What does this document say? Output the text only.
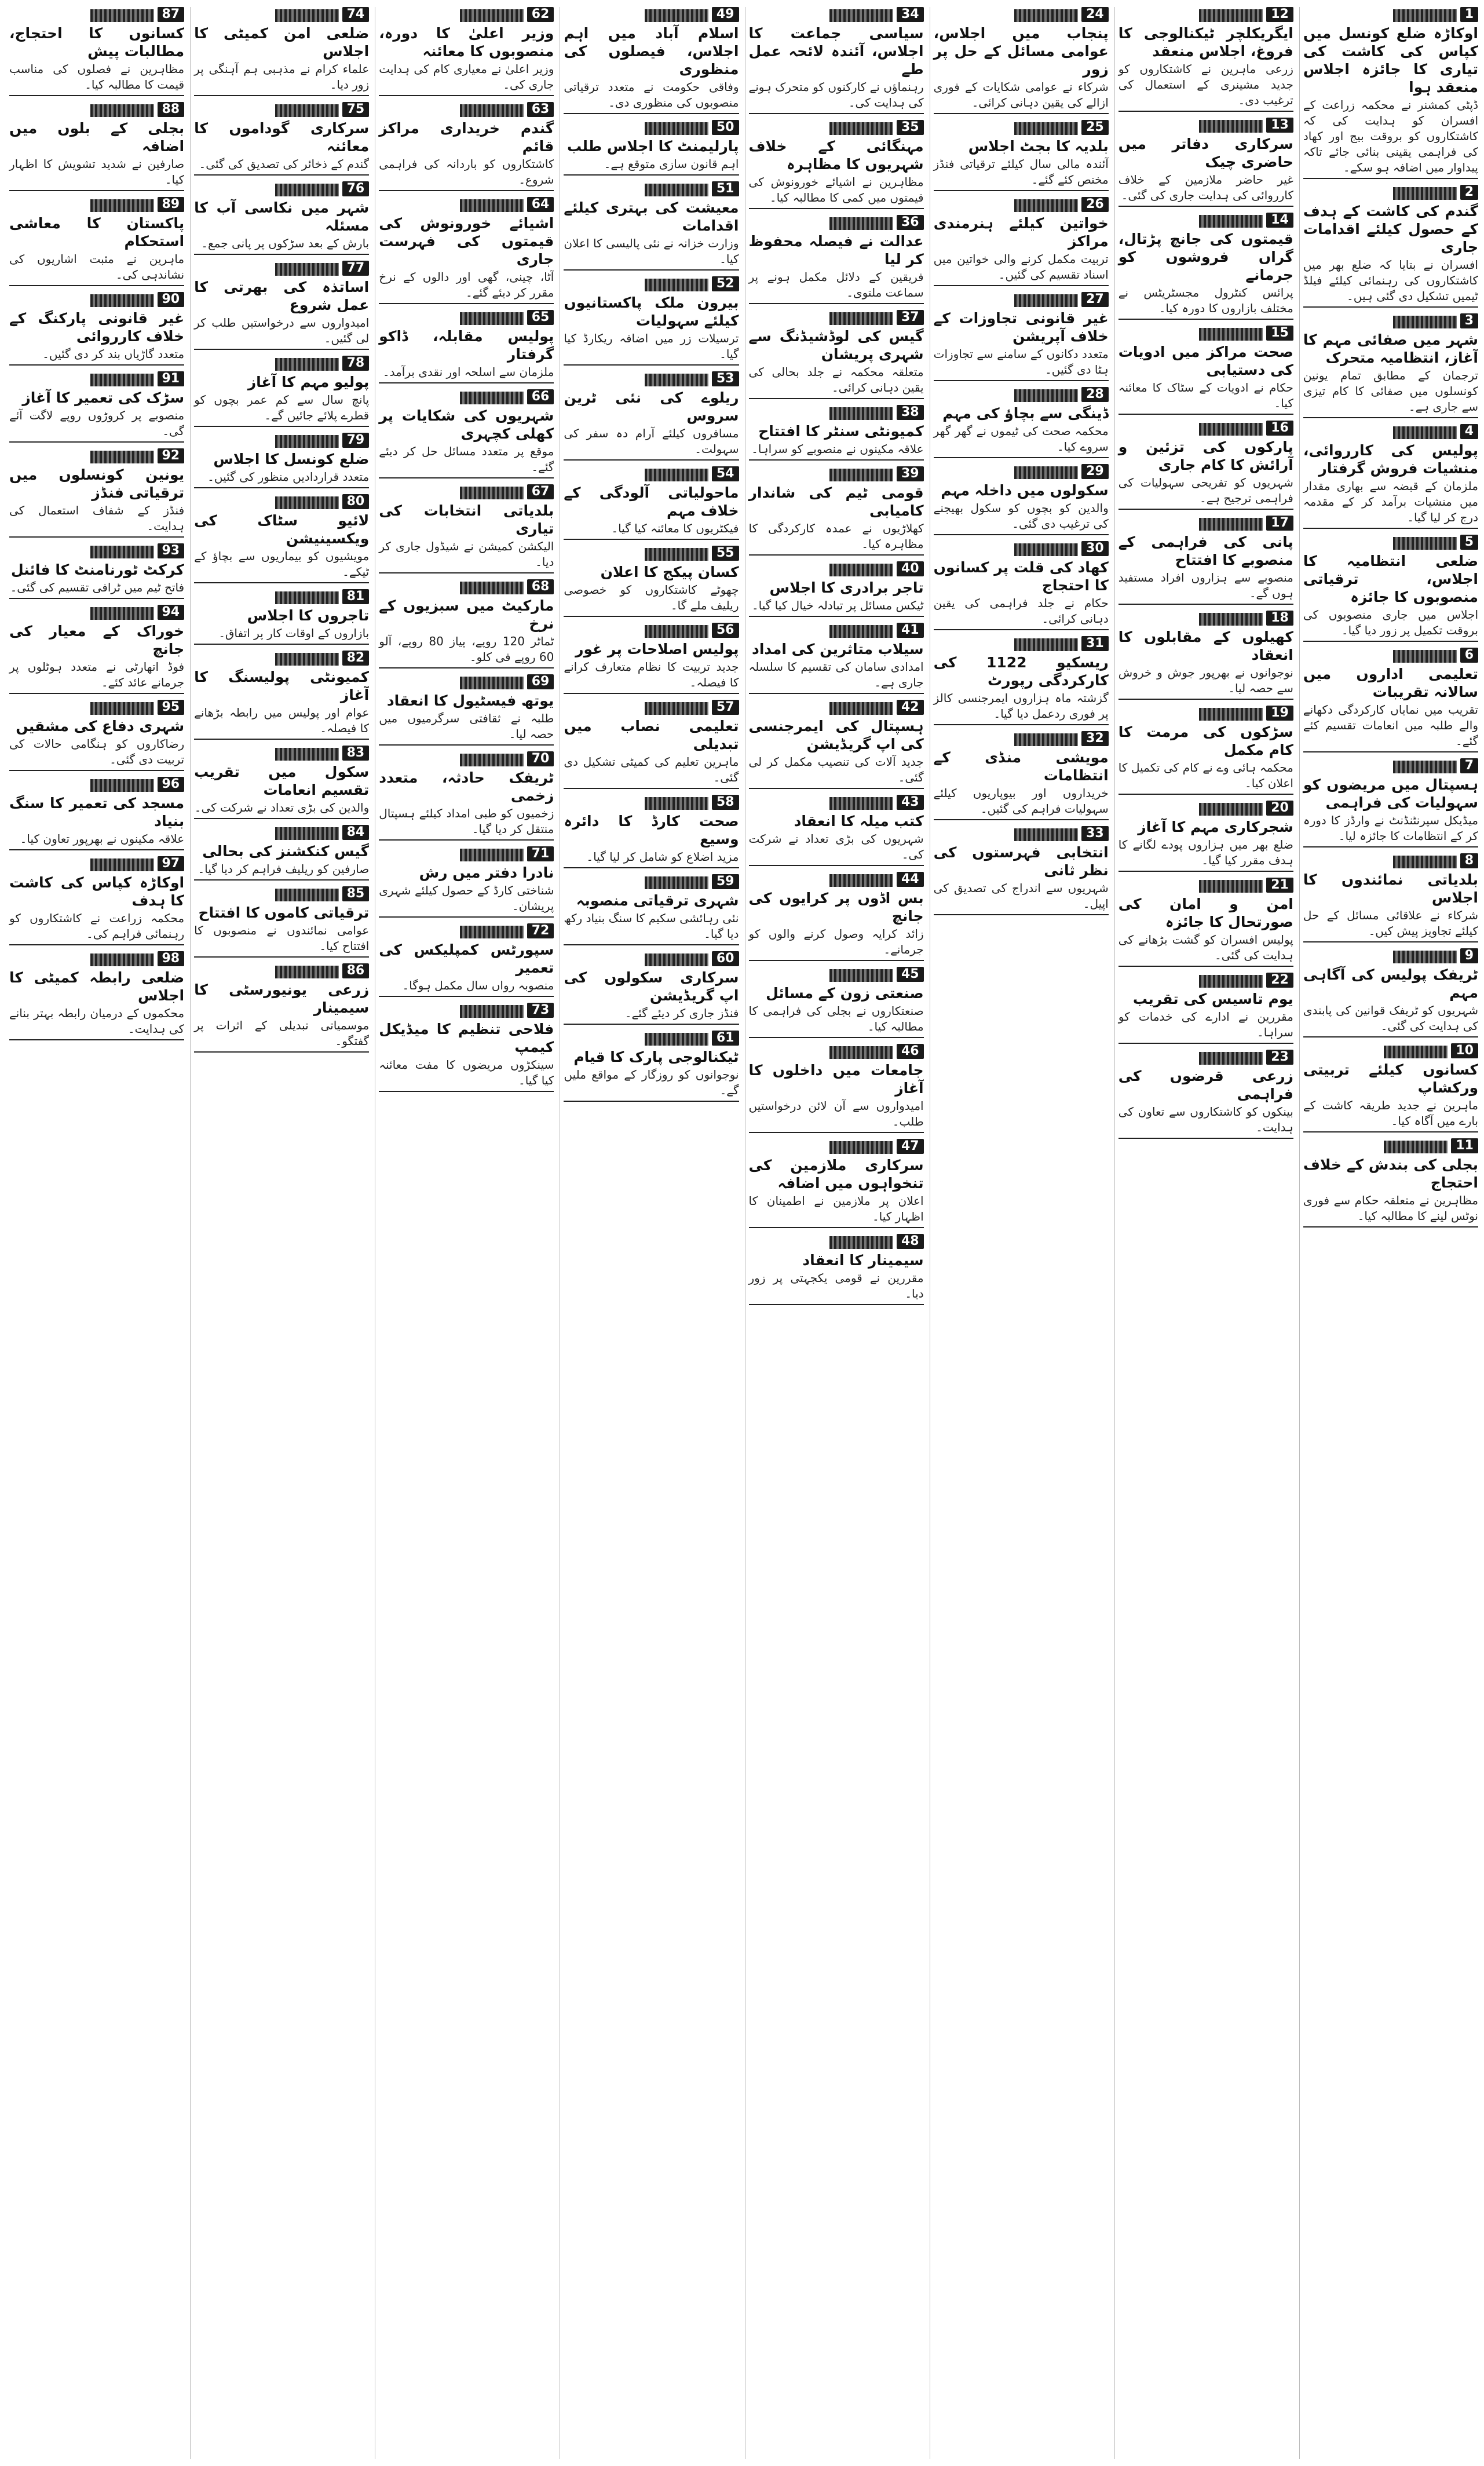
1
اوکاڑہ ضلع کونسل میں کپاس کی کاشت کی تیاری کا جائزہ اجلاس منعقد ہوا
ڈپٹی کمشنر نے محکمہ زراعت کے افسران کو ہدایت کی کہ کاشتکاروں کو بروقت بیج اور کھاد کی فراہمی یقینی بنائی جائے تاکہ پیداوار میں اضافہ ہو سکے۔
2
گندم کی کاشت کے ہدف کے حصول کیلئے اقدامات جاری
افسران نے بتایا کہ ضلع بھر میں کاشتکاروں کی رہنمائی کیلئے فیلڈ ٹیمیں تشکیل دی گئی ہیں۔
3
شہر میں صفائی مہم کا آغاز، انتظامیہ متحرک
ترجمان کے مطابق تمام یونین کونسلوں میں صفائی کا کام تیزی سے جاری ہے۔
4
پولیس کی کارروائی، منشیات فروش گرفتار
ملزمان کے قبضہ سے بھاری مقدار میں منشیات برآمد کر کے مقدمہ درج کر لیا گیا۔
5
ضلعی انتظامیہ کا اجلاس، ترقیاتی منصوبوں کا جائزہ
اجلاس میں جاری منصوبوں کی بروقت تکمیل پر زور دیا گیا۔
6
تعلیمی اداروں میں سالانہ تقریبات
تقریب میں نمایاں کارکردگی دکھانے والے طلبہ میں انعامات تقسیم کئے گئے۔
7
ہسپتال میں مریضوں کو سہولیات کی فراہمی
میڈیکل سپرنٹنڈنٹ نے وارڈز کا دورہ کر کے انتظامات کا جائزہ لیا۔
8
بلدیاتی نمائندوں کا اجلاس
شرکاء نے علاقائی مسائل کے حل کیلئے تجاویز پیش کیں۔
9
ٹریفک پولیس کی آگاہی مہم
شہریوں کو ٹریفک قوانین کی پابندی کی ہدایت کی گئی۔
10
کسانوں کیلئے تربیتی ورکشاپ
ماہرین نے جدید طریقہ کاشت کے بارے میں آگاہ کیا۔
11
بجلی کی بندش کے خلاف احتجاج
مظاہرین نے متعلقہ حکام سے فوری نوٹس لینے کا مطالبہ کیا۔
12
ایگریکلچر ٹیکنالوجی کا فروغ، اجلاس منعقد
زرعی ماہرین نے کاشتکاروں کو جدید مشینری کے استعمال کی ترغیب دی۔
13
سرکاری دفاتر میں حاضری چیک
غیر حاضر ملازمین کے خلاف کارروائی کی ہدایت جاری کی گئی۔
14
قیمتوں کی جانچ پڑتال، گراں فروشوں کو جرمانے
پرائس کنٹرول مجسٹریٹس نے مختلف بازاروں کا دورہ کیا۔
15
صحت مراکز میں ادویات کی دستیابی
حکام نے ادویات کے سٹاک کا معائنہ کیا۔
16
پارکوں کی تزئین و آرائش کا کام جاری
شہریوں کو تفریحی سہولیات کی فراہمی ترجیح ہے۔
17
پانی کی فراہمی کے منصوبے کا افتتاح
منصوبے سے ہزاروں افراد مستفید ہوں گے۔
18
کھیلوں کے مقابلوں کا انعقاد
نوجوانوں نے بھرپور جوش و خروش سے حصہ لیا۔
19
سڑکوں کی مرمت کا کام مکمل
محکمہ ہائی وے نے کام کی تکمیل کا اعلان کیا۔
20
شجرکاری مہم کا آغاز
ضلع بھر میں ہزاروں پودے لگانے کا ہدف مقرر کیا گیا۔
21
امن و امان کی صورتحال کا جائزہ
پولیس افسران کو گشت بڑھانے کی ہدایت کی گئی۔
22
یوم تاسیس کی تقریب
مقررین نے ادارے کی خدمات کو سراہا۔
23
زرعی قرضوں کی فراہمی
بینکوں کو کاشتکاروں سے تعاون کی ہدایت۔
24
پنجاب میں اجلاس، عوامی مسائل کے حل پر زور
شرکاء نے عوامی شکایات کے فوری ازالے کی یقین دہانی کرائی۔
25
بلدیہ کا بجٹ اجلاس
آئندہ مالی سال کیلئے ترقیاتی فنڈز مختص کئے گئے۔
26
خواتین کیلئے ہنرمندی مراکز
تربیت مکمل کرنے والی خواتین میں اسناد تقسیم کی گئیں۔
27
غیر قانونی تجاوزات کے خلاف آپریشن
متعدد دکانوں کے سامنے سے تجاوزات ہٹا دی گئیں۔
28
ڈینگی سے بچاؤ کی مہم
محکمہ صحت کی ٹیموں نے گھر گھر سروے کیا۔
29
سکولوں میں داخلہ مہم
والدین کو بچوں کو سکول بھیجنے کی ترغیب دی گئی۔
30
کھاد کی قلت پر کسانوں کا احتجاج
حکام نے جلد فراہمی کی یقین دہانی کرائی۔
31
ریسکیو 1122 کی کارکردگی رپورٹ
گزشتہ ماہ ہزاروں ایمرجنسی کالز پر فوری ردعمل دیا گیا۔
32
مویشی منڈی کے انتظامات
خریداروں اور بیوپاریوں کیلئے سہولیات فراہم کی گئیں۔
33
انتخابی فہرستوں کی نظر ثانی
شہریوں سے اندراج کی تصدیق کی اپیل۔
34
سیاسی جماعت کا اجلاس، آئندہ لائحہ عمل طے
رہنماؤں نے کارکنوں کو متحرک ہونے کی ہدایت کی۔
35
مہنگائی کے خلاف شہریوں کا مظاہرہ
مظاہرین نے اشیائے خورونوش کی قیمتوں میں کمی کا مطالبہ کیا۔
36
عدالت نے فیصلہ محفوظ کر لیا
فریقین کے دلائل مکمل ہونے پر سماعت ملتوی۔
37
گیس کی لوڈشیڈنگ سے شہری پریشان
متعلقہ محکمہ نے جلد بحالی کی یقین دہانی کرائی۔
38
کمیونٹی سنٹر کا افتتاح
علاقہ مکینوں نے منصوبے کو سراہا۔
39
قومی ٹیم کی شاندار کامیابی
کھلاڑیوں نے عمدہ کارکردگی کا مظاہرہ کیا۔
40
تاجر برادری کا اجلاس
ٹیکس مسائل پر تبادلہ خیال کیا گیا۔
41
سیلاب متاثرین کی امداد
امدادی سامان کی تقسیم کا سلسلہ جاری ہے۔
42
ہسپتال کی ایمرجنسی کی اپ گریڈیشن
جدید آلات کی تنصیب مکمل کر لی گئی۔
43
کتب میلہ کا انعقاد
شہریوں کی بڑی تعداد نے شرکت کی۔
44
بس اڈوں پر کرایوں کی جانچ
زائد کرایہ وصول کرنے والوں کو جرمانے۔
45
صنعتی زون کے مسائل
صنعتکاروں نے بجلی کی فراہمی کا مطالبہ کیا۔
46
جامعات میں داخلوں کا آغاز
امیدواروں سے آن لائن درخواستیں طلب۔
47
سرکاری ملازمین کی تنخواہوں میں اضافہ
اعلان پر ملازمین نے اطمینان کا اظہار کیا۔
48
سیمینار کا انعقاد
مقررین نے قومی یکجہتی پر زور دیا۔
49
اسلام آباد میں اہم اجلاس، فیصلوں کی منظوری
وفاقی حکومت نے متعدد ترقیاتی منصوبوں کی منظوری دی۔
50
پارلیمنٹ کا اجلاس طلب
اہم قانون سازی متوقع ہے۔
51
معیشت کی بہتری کیلئے اقدامات
وزارت خزانہ نے نئی پالیسی کا اعلان کیا۔
52
بیرون ملک پاکستانیوں کیلئے سہولیات
ترسیلات زر میں اضافہ ریکارڈ کیا گیا۔
53
ریلوے کی نئی ٹرین سروس
مسافروں کیلئے آرام دہ سفر کی سہولت۔
54
ماحولیاتی آلودگی کے خلاف مہم
فیکٹریوں کا معائنہ کیا گیا۔
55
کسان پیکج کا اعلان
چھوٹے کاشتکاروں کو خصوصی ریلیف ملے گا۔
56
پولیس اصلاحات پر غور
جدید تربیت کا نظام متعارف کرانے کا فیصلہ۔
57
تعلیمی نصاب میں تبدیلی
ماہرین تعلیم کی کمیٹی تشکیل دی گئی۔
58
صحت کارڈ کا دائرہ وسیع
مزید اضلاع کو شامل کر لیا گیا۔
59
شہری ترقیاتی منصوبہ
نئی رہائشی سکیم کا سنگ بنیاد رکھ دیا گیا۔
60
سرکاری سکولوں کی اپ گریڈیشن
فنڈز جاری کر دیئے گئے۔
61
ٹیکنالوجی پارک کا قیام
نوجوانوں کو روزگار کے مواقع ملیں گے۔
62
وزیر اعلیٰ کا دورہ، منصوبوں کا معائنہ
وزیر اعلیٰ نے معیاری کام کی ہدایت جاری کی۔
63
گندم خریداری مراکز قائم
کاشتکاروں کو باردانہ کی فراہمی شروع۔
64
اشیائے خورونوش کی قیمتوں کی فہرست جاری
آٹا، چینی، گھی اور دالوں کے نرخ مقرر کر دیئے گئے۔
65
پولیس مقابلہ، ڈاکو گرفتار
ملزمان سے اسلحہ اور نقدی برآمد۔
66
شہریوں کی شکایات پر کھلی کچہری
موقع پر متعدد مسائل حل کر دیئے گئے۔
67
بلدیاتی انتخابات کی تیاری
الیکشن کمیشن نے شیڈول جاری کر دیا۔
68
مارکیٹ میں سبزیوں کے نرخ
ٹماٹر 120 روپے، پیاز 80 روپے، آلو 60 روپے فی کلو۔
69
یوتھ فیسٹیول کا انعقاد
طلبہ نے ثقافتی سرگرمیوں میں حصہ لیا۔
70
ٹریفک حادثہ، متعدد زخمی
زخمیوں کو طبی امداد کیلئے ہسپتال منتقل کر دیا گیا۔
71
نادرا دفتر میں رش
شناختی کارڈ کے حصول کیلئے شہری پریشان۔
72
سپورٹس کمپلیکس کی تعمیر
منصوبہ رواں سال مکمل ہوگا۔
73
فلاحی تنظیم کا میڈیکل کیمپ
سینکڑوں مریضوں کا مفت معائنہ کیا گیا۔
74
ضلعی امن کمیٹی کا اجلاس
علماء کرام نے مذہبی ہم آہنگی پر زور دیا۔
75
سرکاری گوداموں کا معائنہ
گندم کے ذخائر کی تصدیق کی گئی۔
76
شہر میں نکاسی آب کا مسئلہ
بارش کے بعد سڑکوں پر پانی جمع۔
77
اساتذہ کی بھرتی کا عمل شروع
امیدواروں سے درخواستیں طلب کر لی گئیں۔
78
پولیو مہم کا آغاز
پانچ سال سے کم عمر بچوں کو قطرے پلائے جائیں گے۔
79
ضلع کونسل کا اجلاس
متعدد قراردادیں منظور کی گئیں۔
80
لائیو سٹاک کی ویکسینیشن
مویشیوں کو بیماریوں سے بچاؤ کے ٹیکے۔
81
تاجروں کا اجلاس
بازاروں کے اوقات کار پر اتفاق۔
82
کمیونٹی پولیسنگ کا آغاز
عوام اور پولیس میں رابطہ بڑھانے کا فیصلہ۔
83
سکول میں تقریب تقسیم انعامات
والدین کی بڑی تعداد نے شرکت کی۔
84
گیس کنکشنز کی بحالی
صارفین کو ریلیف فراہم کر دیا گیا۔
85
ترقیاتی کاموں کا افتتاح
عوامی نمائندوں نے منصوبوں کا افتتاح کیا۔
86
زرعی یونیورسٹی کا سیمینار
موسمیاتی تبدیلی کے اثرات پر گفتگو۔
87
کسانوں کا احتجاج، مطالبات پیش
مظاہرین نے فصلوں کی مناسب قیمت کا مطالبہ کیا۔
88
بجلی کے بلوں میں اضافہ
صارفین نے شدید تشویش کا اظہار کیا۔
89
پاکستان کا معاشی استحکام
ماہرین نے مثبت اشاریوں کی نشاندہی کی۔
90
غیر قانونی پارکنگ کے خلاف کارروائی
متعدد گاڑیاں بند کر دی گئیں۔
91
سڑک کی تعمیر کا آغاز
منصوبے پر کروڑوں روپے لاگت آئے گی۔
92
یونین کونسلوں میں ترقیاتی فنڈز
فنڈز کے شفاف استعمال کی ہدایت۔
93
کرکٹ ٹورنامنٹ کا فائنل
فاتح ٹیم میں ٹرافی تقسیم کی گئی۔
94
خوراک کے معیار کی جانچ
فوڈ اتھارٹی نے متعدد ہوٹلوں پر جرمانے عائد کئے۔
95
شہری دفاع کی مشقیں
رضاکاروں کو ہنگامی حالات کی تربیت دی گئی۔
96
مسجد کی تعمیر کا سنگ بنیاد
علاقہ مکینوں نے بھرپور تعاون کیا۔
97
اوکاڑہ کپاس کی کاشت کا ہدف
محکمہ زراعت نے کاشتکاروں کو رہنمائی فراہم کی۔
98
ضلعی رابطہ کمیٹی کا اجلاس
محکموں کے درمیان رابطہ بہتر بنانے کی ہدایت۔
